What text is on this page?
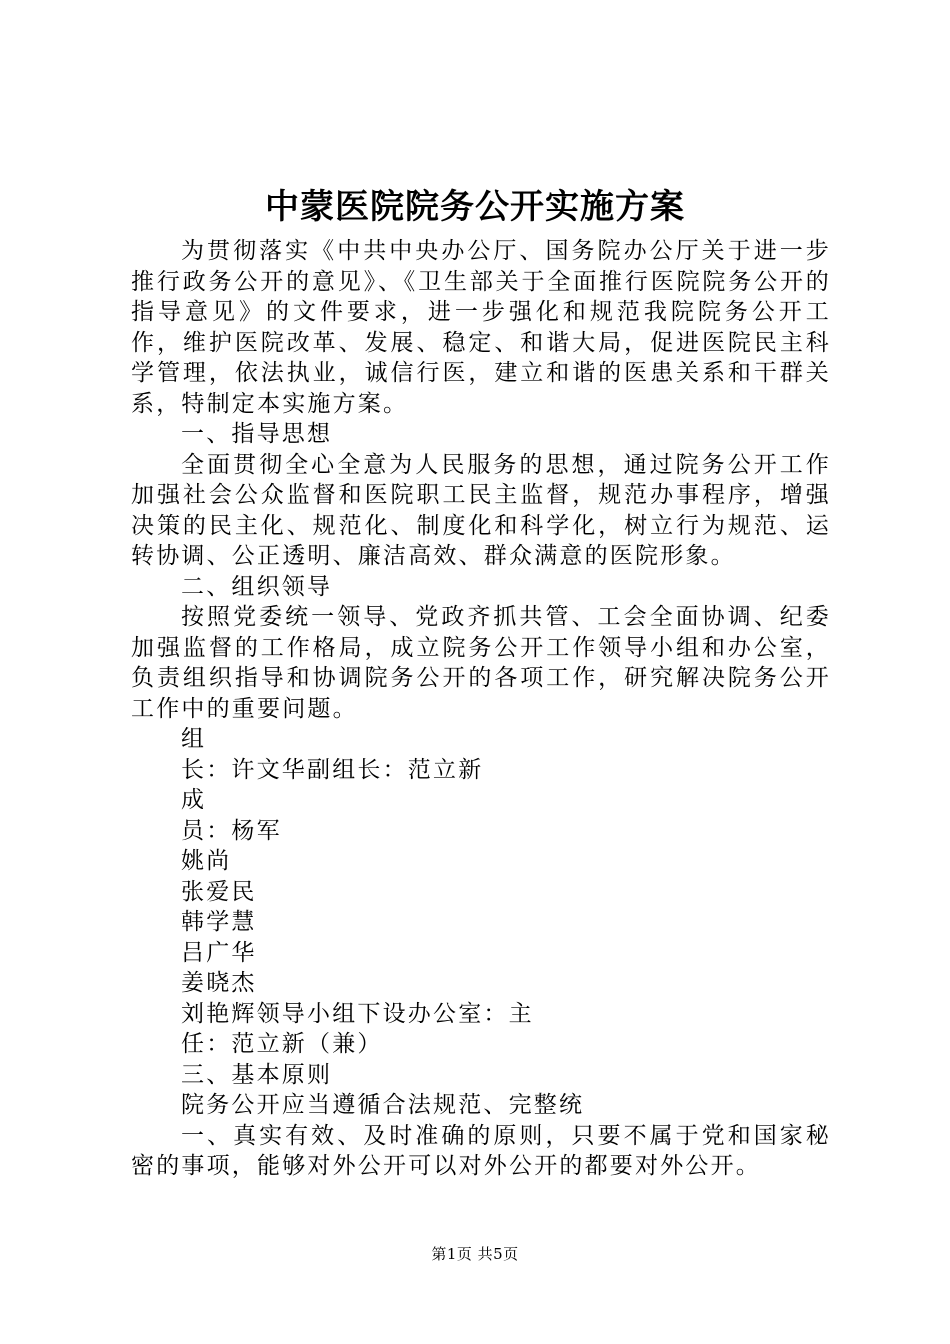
中蒙医院院务公开实施方案

为贯彻落实《中共中央办公厅、国务院办公厅关于进一步推行政务公开的意见》、《卫生部关于全面推行医院院务公开的指导意见》的文件要求，进一步强化和规范我院院务公开工作，维护医院改革、发展、稳定、和谐大局，促进医院民主科学管理，依法执业，诚信行医，建立和谐的医患关系和干群关系，特制定本实施方案。

一、指导思想

全面贯彻全心全意为人民服务的思想，通过院务公开工作加强社会公众监督和医院职工民主监督，规范办事程序，增强决策的民主化、规范化、制度化和科学化，树立行为规范、运转协调、公正透明、廉洁高效、群众满意的医院形象。

二、组织领导

按照党委统一领导、党政齐抓共管、工会全面协调、纪委加强监督的工作格局，成立院务公开工作领导小组和办公室，负责组织指导和协调院务公开的各项工作，研究解决院务公开工作中的重要问题。

组

长：许文华副组长：范立新

成

员：杨军

姚尚

张爱民

韩学慧

吕广华

姜晓杰

刘艳辉领导小组下设办公室：主

任：范立新（兼）

三、基本原则

院务公开应当遵循合法规范、完整统

一、真实有效、及时准确的原则，只要不属于党和国家秘密的事项，能够对外公开可以对外公开的都要对外公开。

第1页 共5页
